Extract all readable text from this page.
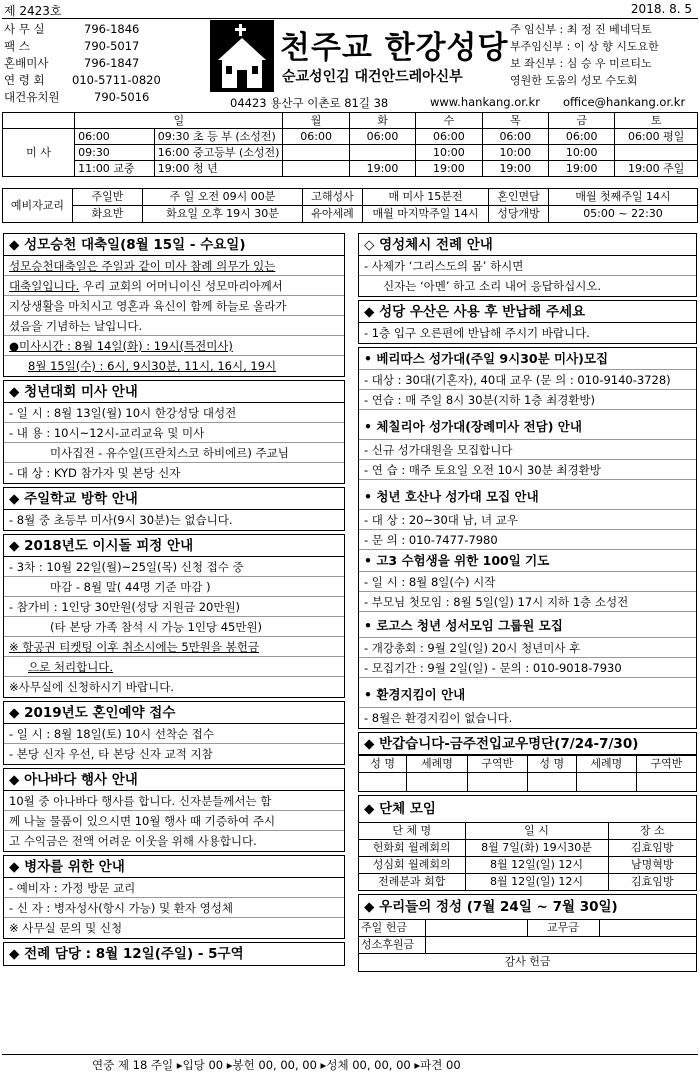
제 2423호	2018. 8. 5
사 무 실	796-1846
팩 스	790-5017
혼배미사	796-1847
연 령 회 010-5711-0820
대건유치원	790-5016
천주교 한강성당
순교성인김 대건안드레아신부
주 임신부 : 최 정 진 베네딕토
부주임신부 : 이 상 향 시도요한
보 좌신부 : 심 승 우 미르티노
영원한 도움의 성모 수도회
04423 용산구 이촌로 81길 38	www.hankang.or.kr office@hankang.or.kr
	일		월	화	수	목	금	토
미 사	06:00	09:30 초 등 부 (소성전)	06:00	06:00	06:00	06:00	06:00	06:00 평일
	09:30	16:00 중고등부 (소성전)			10:00	10:00	10:00	
	11:00 교중	19:00 청 년		19:00	19:00	19:00	19:00	19:00 주일
예비자교리	주일반	주 일 오전 09시 00분	고해성사	매 미사 15분전	혼인면담	매월 첫째주일 14시
	화요반	화요일 오후 19시 30분	유아세례	매월 마지막주일 14시	성당개방	05:00 ~ 22:30
◆ 성모승천 대축일(8월 15일 - 수요일)
성모승천대축일은 주일과 같이 미사 참례 의무가 있는
대축일입니다. 우리 교회의 어머니이신 성모마리아께서
지상생활을 마치시고 영혼과 육신이 함께 하늘로 올라가
셨음을 기념하는 날입니다.
●미사시간 : 8월 14일(화) : 19시(특전미사)
8월 15일(수) : 6시, 9시30분, 11시, 16시, 19시
◆ 청년대회 미사 안내
- 일 시 : 8월 13일(월) 10시 한강성당 대성전
- 내 용 : 10시~12시-교리교육 및 미사
미사집전 - 유수일(프란치스코 하비에르) 주교님
- 대 상 : KYD 참가자 및 본당 신자
◆ 주일학교 방학 안내
- 8월 중 초등부 미사(9시 30분)는 없습니다.
◆ 2018년도 이시돌 피정 안내
- 3차 : 10월 22일(월)~25일(목) 신청 접수 중
마감 - 8월 말( 44명 기준 마감 )
- 참가비 : 1인당 30만원(성당 지원금 20만원)
(타 본당 가족 참석 시 가능 1인당 45만원)
※ 항공권 티켓팅 이후 취소시에는 5만원을 봉헌금
으로 처리합니다.
※사무실에 신청하시기 바랍니다.
◆ 2019년도 혼인예약 접수
- 일 시 : 8월 18일(토) 10시 선착순 접수
- 본당 신자 우선, 타 본당 신자 교적 지참
◆ 아나바다 행사 안내
10월 중 아나바다 행사를 합니다. 신자분들께서는 함
께 나눌 물품이 있으시면 10월 행사 때 기증하여 주시
고 수익금은 전액 어려운 이웃을 위해 사용합니다.
◆ 병자를 위한 안내
- 예비자 : 가정 방문 교리
- 신 자 : 병자성사(항시 가능) 및 환자 영성체
※ 사무실 문의 및 신청
◆ 전례 담당 : 8월 12일(주일) - 5구역
◇ 영성체시 전례 안내
- 사제가 ‘그리스도의 몸’ 하시면
신자는 ‘아멘’ 하고 소리 내어 응답하십시오.
◆ 성당 우산은 사용 후 반납해 주세요
- 1층 입구 오른편에 반납해 주시기 바랍니다.
• 베리따스 성가대(주일 9시30분 미사)모집
- 대상 : 30대(기혼자), 40대 교우 (문 의 : 010-9140-3728)
- 연습 : 매 주일 8시 30분(지하 1층 최경환방)
• 체칠리아 성가대(장례미사 전담) 안내
- 신규 성가대원을 모집합니다
- 연 습 : 매주 토요일 오전 10시 30분 최경환방
• 청년 호산나 성가대 모집 안내
- 대 상 : 20~30대 남, 녀 교우
- 문 의 : 010-7477-7980
• 고3 수험생을 위한 100일 기도
- 일 시 : 8월 8일(수) 시작
- 부모님 첫모임 : 8월 5일(일) 17시 지하 1층 소성전
• 로고스 청년 성서모임 그룹원 모집
- 개강총회 : 9월 2일(일) 20시 청년미사 후
- 모집기간 : 9월 2일(일) - 문의 : 010-9018-7930
• 환경지킴이 안내
- 8월은 환경지킴이 없습니다.
◆ 반갑습니다-금주전입교우명단(7/24-7/30)
성 명	세례명	구역반	성 명	세례명	구역반

◆ 단체 모임
단 체 명	일 시	장 소
헌화회 월례회의	8월 7일(화) 19시30분	김효임방
성심회 월례회의	8월 12일(일) 12시	남명혁방
전례분과 회합	8월 12일(일) 12시	김효임방
◆ 우리들의 정성 (7월 24일 ~ 7월 30일)
주일 헌금		교무금	
성소후원금			
감사 헌금			
연중 제 18 주일 ▸입당 00 ▸봉헌 00, 00, 00 ▸성체 00, 00, 00 ▸파견 00
